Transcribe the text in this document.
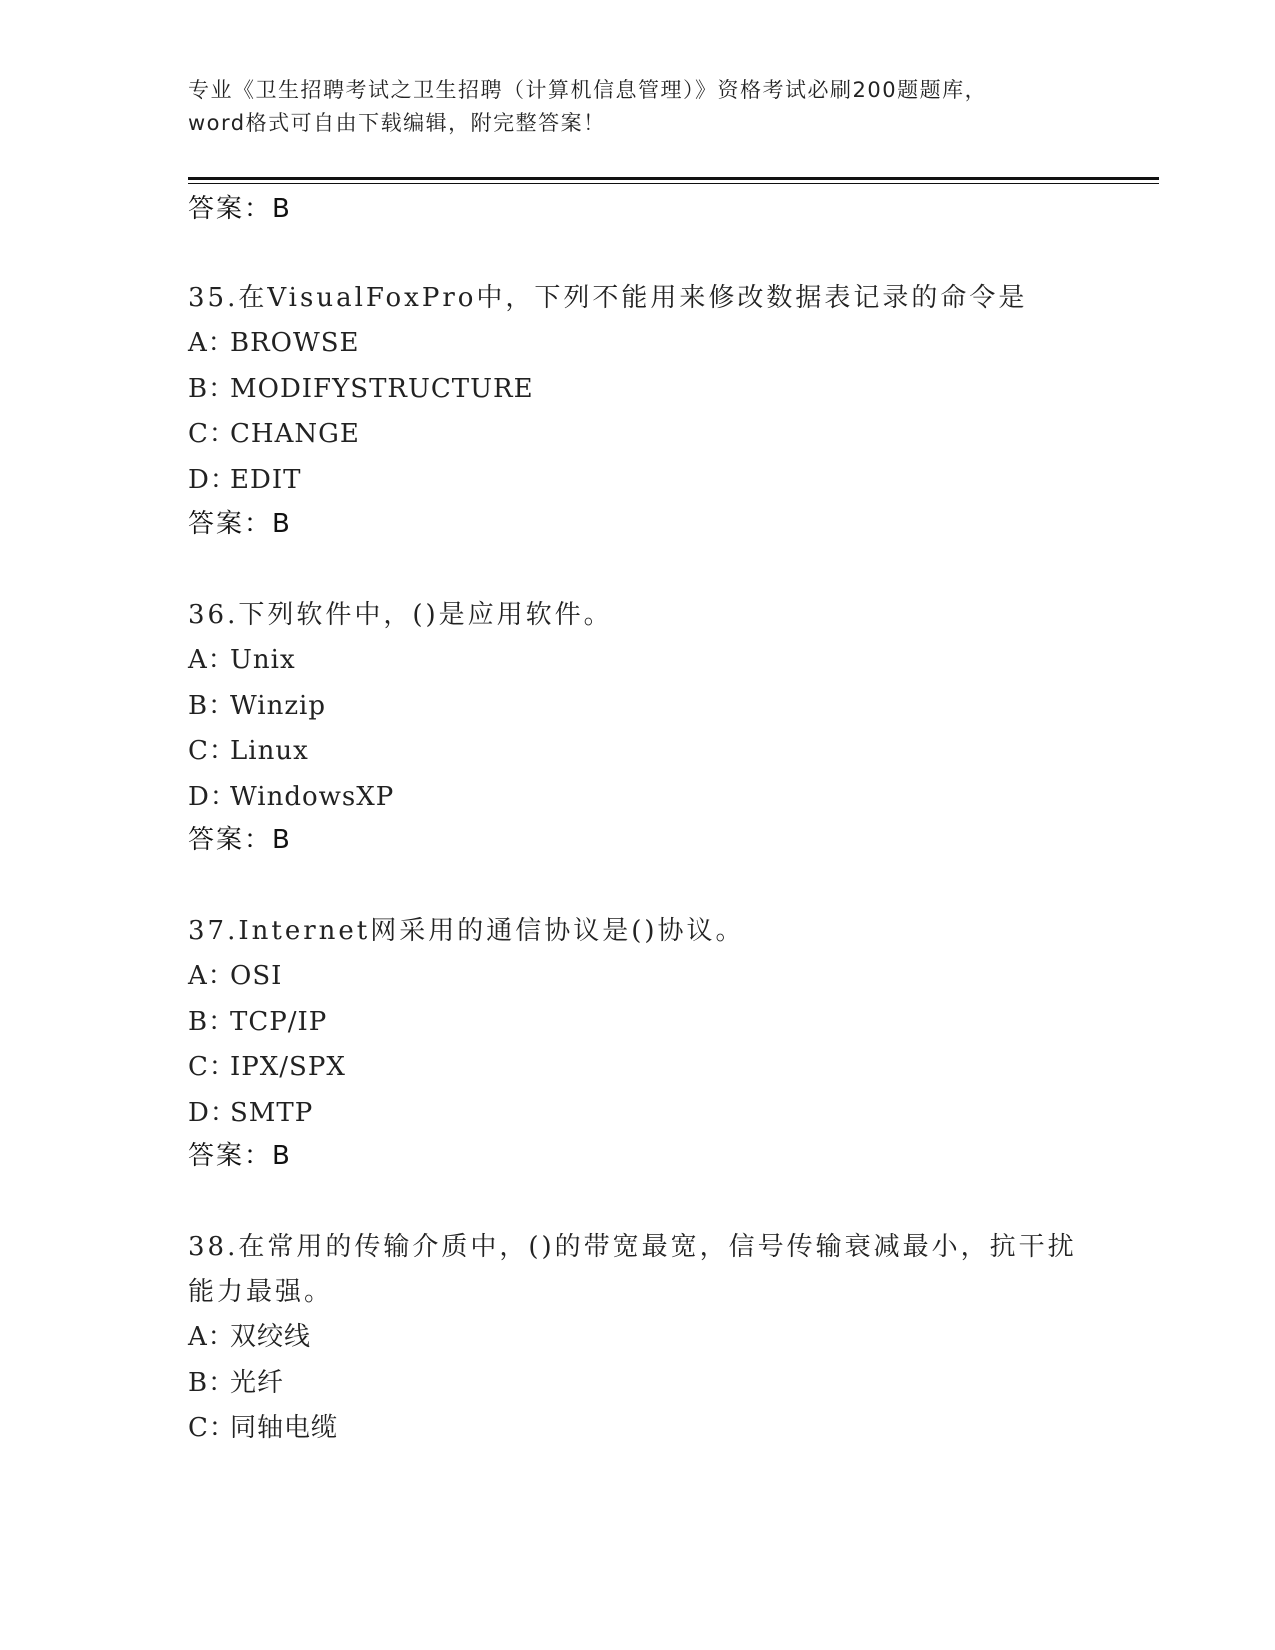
专业《卫生招聘考试之卫生招聘（计算机信息管理）》资格考试必刷200题题库，
word格式可自由下载编辑，附完整答案！
答案：B
35.在VisualFoxPro中，下列不能用来修改数据表记录的命令是
A：BROWSE
B：MODIFYSTRUCTURE
C：CHANGE
D：EDIT
答案：B
36.下列软件中，()是应用软件。
A：Unix
B：Winzip
C：Linux
D：WindowsXP
答案：B
37.Internet网采用的通信协议是()协议。
A：OSI
B：TCP/IP
C：IPX/SPX
D：SMTP
答案：B
38.在常用的传输介质中，()的带宽最宽，信号传输衰减最小，抗干扰
能力最强。
A：双绞线
B：光纤
C：同轴电缆
